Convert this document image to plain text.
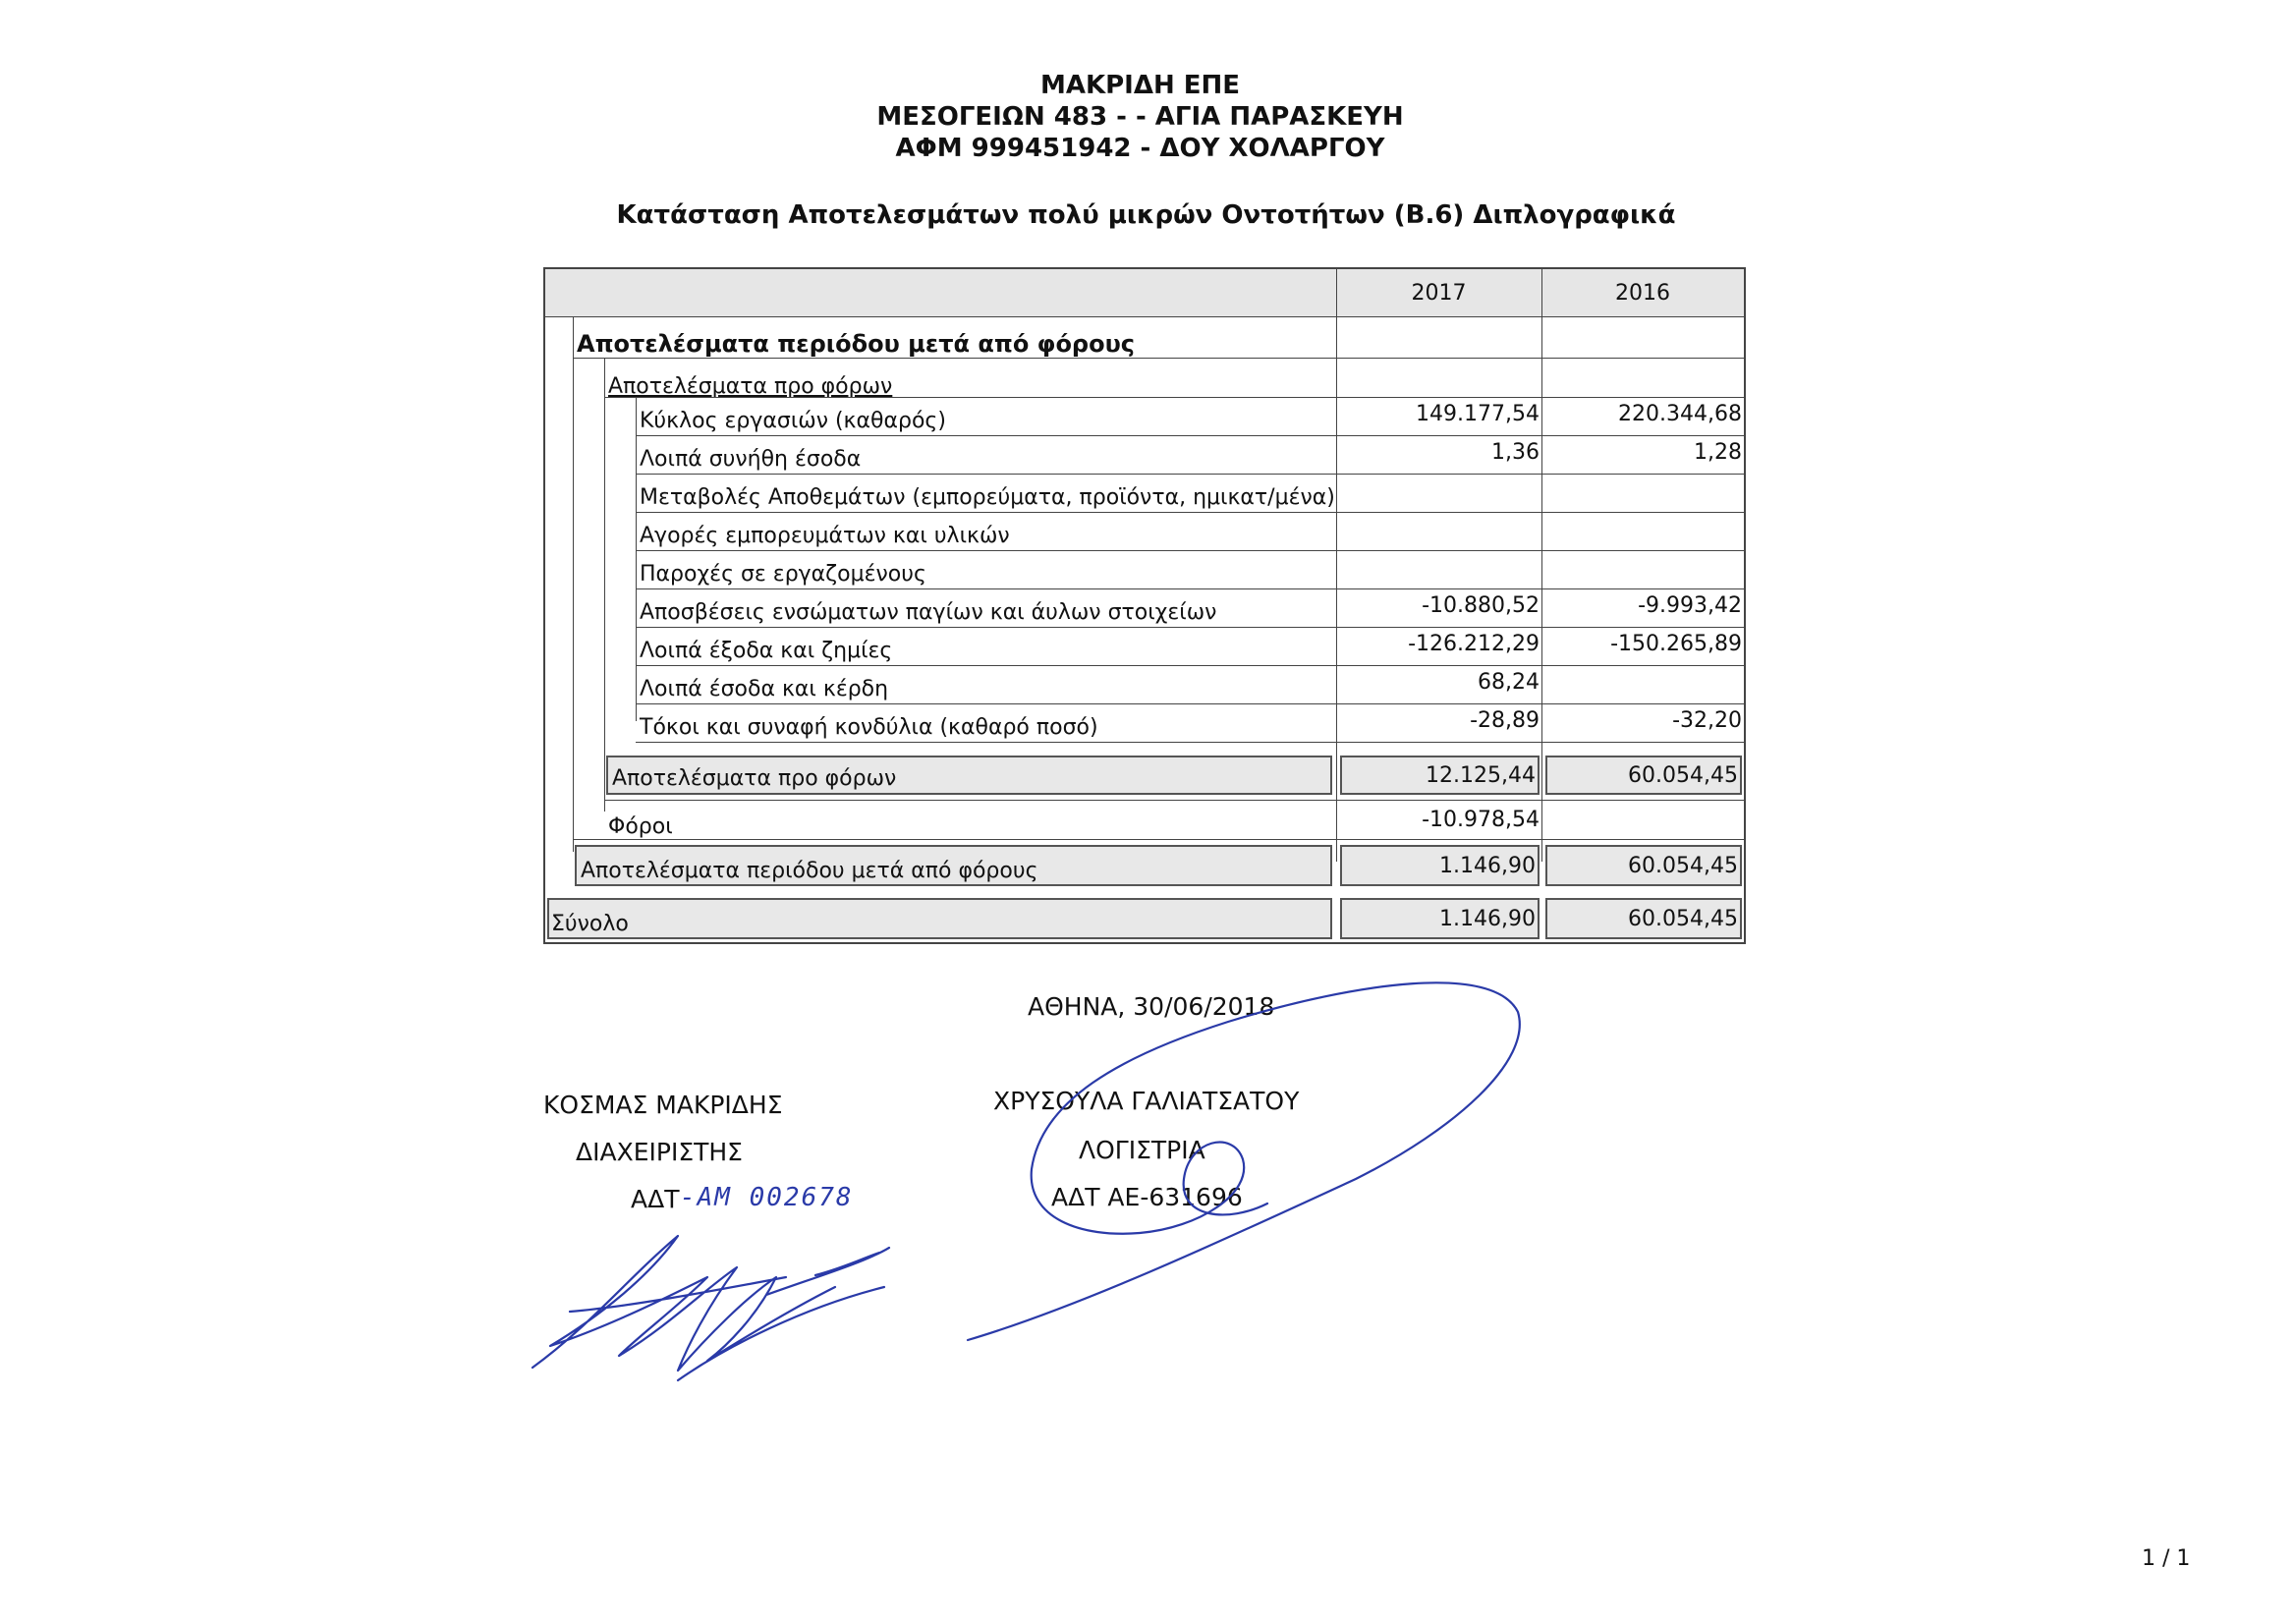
ΜΑΚΡΙΔΗ ΕΠΕ
ΜΕΣΟΓΕΙΩΝ 483 - - ΑΓΙΑ ΠΑΡΑΣΚΕΥΗ
ΑΦΜ 999451942 - ΔΟΥ ΧΟΛΑΡΓΟΥ
Κατάσταση Αποτελεσμάτων πολύ μικρών Οντοτήτων (Β.6) Διπλογραφικά
2017	2016
Αποτελέσματα περιόδου μετά από φόρους
Αποτελέσματα προ φόρων
Κύκλος εργασιών (καθαρός)	149.177,54	220.344,68
Λοιπά συνήθη έσοδα	1,36	1,28
Μεταβολές Αποθεμάτων (εμπορεύματα, προϊόντα, ημικατ/μένα)
Αγορές εμπορευμάτων και υλικών
Παροχές σε εργαζομένους
Αποσβέσεις ενσώματων παγίων και άυλων στοιχείων	-10.880,52	-9.993,42
Λοιπά έξοδα και ζημίες	-126.212,29	-150.265,89
Λοιπά έσοδα και κέρδη	68,24
Τόκοι και συναφή κονδύλια (καθαρό ποσό)	-28,89	-32,20
Αποτελέσματα προ φόρων	12.125,44	60.054,45
Φόροι	-10.978,54
Αποτελέσματα περιόδου μετά από φόρους	1.146,90	60.054,45
Σύνολο	1.146,90	60.054,45
ΑΘΗΝΑ, 30/06/2018
ΚΟΣΜΑΣ ΜΑΚΡΙΔΗΣ
ΔΙΑΧΕΙΡΙΣΤΗΣ
ΑΔΤ -ΑΜ 002678
ΧΡΥΣΟΥΛΑ ΓΑΛΙΑΤΣΑΤΟΥ
ΛΟΓΙΣΤΡΙΑ
ΑΔΤ ΑΕ-631696
1 / 1
